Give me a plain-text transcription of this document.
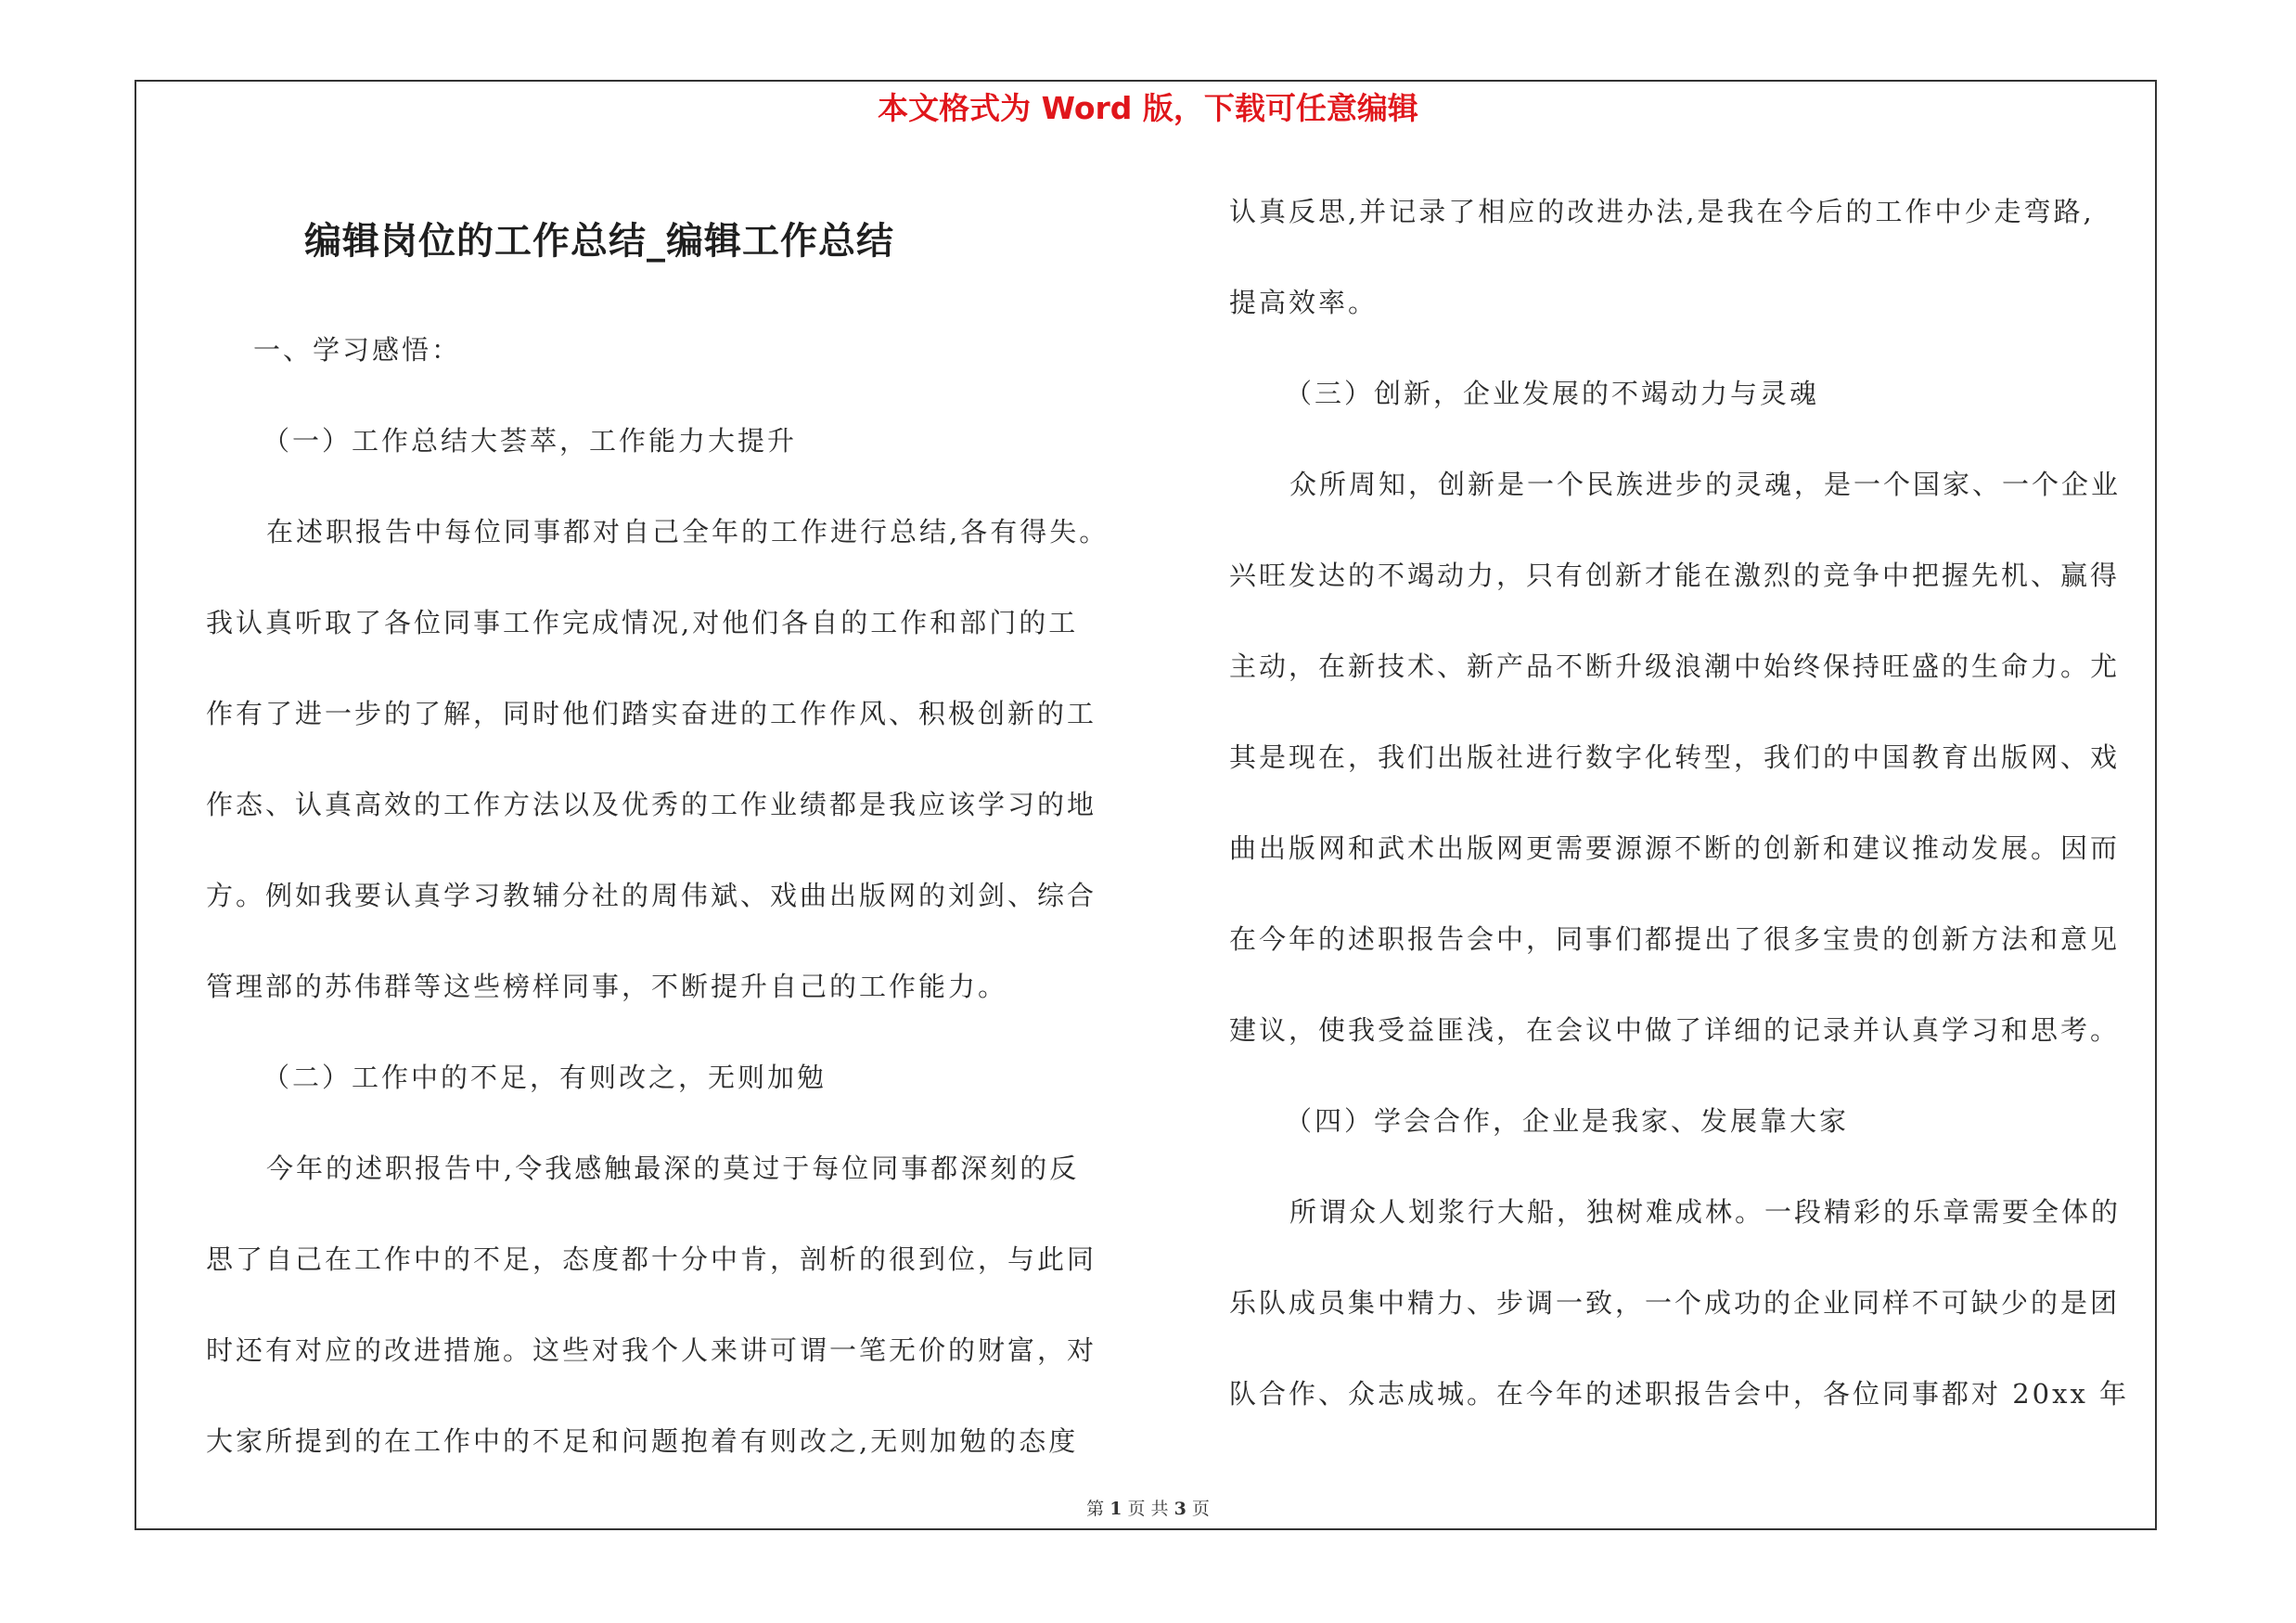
本文格式为 Word 版，下载可任意编辑
编辑岗位的工作总结_编辑工作总结
一、学习感悟：
（一）工作总结大荟萃，工作能力大提升
在述职报告中每位同事都对自己全年的工作进行总结,各有得失。
我认真听取了各位同事工作完成情况,对他们各自的工作和部门的工
作有了进一步的了解，同时他们踏实奋进的工作作风、积极创新的工
作态、认真高效的工作方法以及优秀的工作业绩都是我应该学习的地
方。例如我要认真学习教辅分社的周伟斌、戏曲出版网的刘剑、综合
管理部的苏伟群等这些榜样同事，不断提升自己的工作能力。
（二）工作中的不足，有则改之，无则加勉
今年的述职报告中,令我感触最深的莫过于每位同事都深刻的反
思了自己在工作中的不足，态度都十分中肯，剖析的很到位，与此同
时还有对应的改进措施。这些对我个人来讲可谓一笔无价的财富，对
大家所提到的在工作中的不足和问题抱着有则改之,无则加勉的态度
认真反思,并记录了相应的改进办法,是我在今后的工作中少走弯路,
提高效率。
（三）创新，企业发展的不竭动力与灵魂
众所周知，创新是一个民族进步的灵魂，是一个国家、一个企业
兴旺发达的不竭动力，只有创新才能在激烈的竞争中把握先机、赢得
主动，在新技术、新产品不断升级浪潮中始终保持旺盛的生命力。尤
其是现在，我们出版社进行数字化转型，我们的中国教育出版网、戏
曲出版网和武术出版网更需要源源不断的创新和建议推动发展。因而
在今年的述职报告会中，同事们都提出了很多宝贵的创新方法和意见
建议，使我受益匪浅，在会议中做了详细的记录并认真学习和思考。
（四）学会合作，企业是我家、发展靠大家
所谓众人划浆行大船，独树难成林。一段精彩的乐章需要全体的
乐队成员集中精力、步调一致，一个成功的企业同样不可缺少的是团
队合作、众志成城。在今年的述职报告会中，各位同事都对 20xx 年
第 1 页 共 3 页
